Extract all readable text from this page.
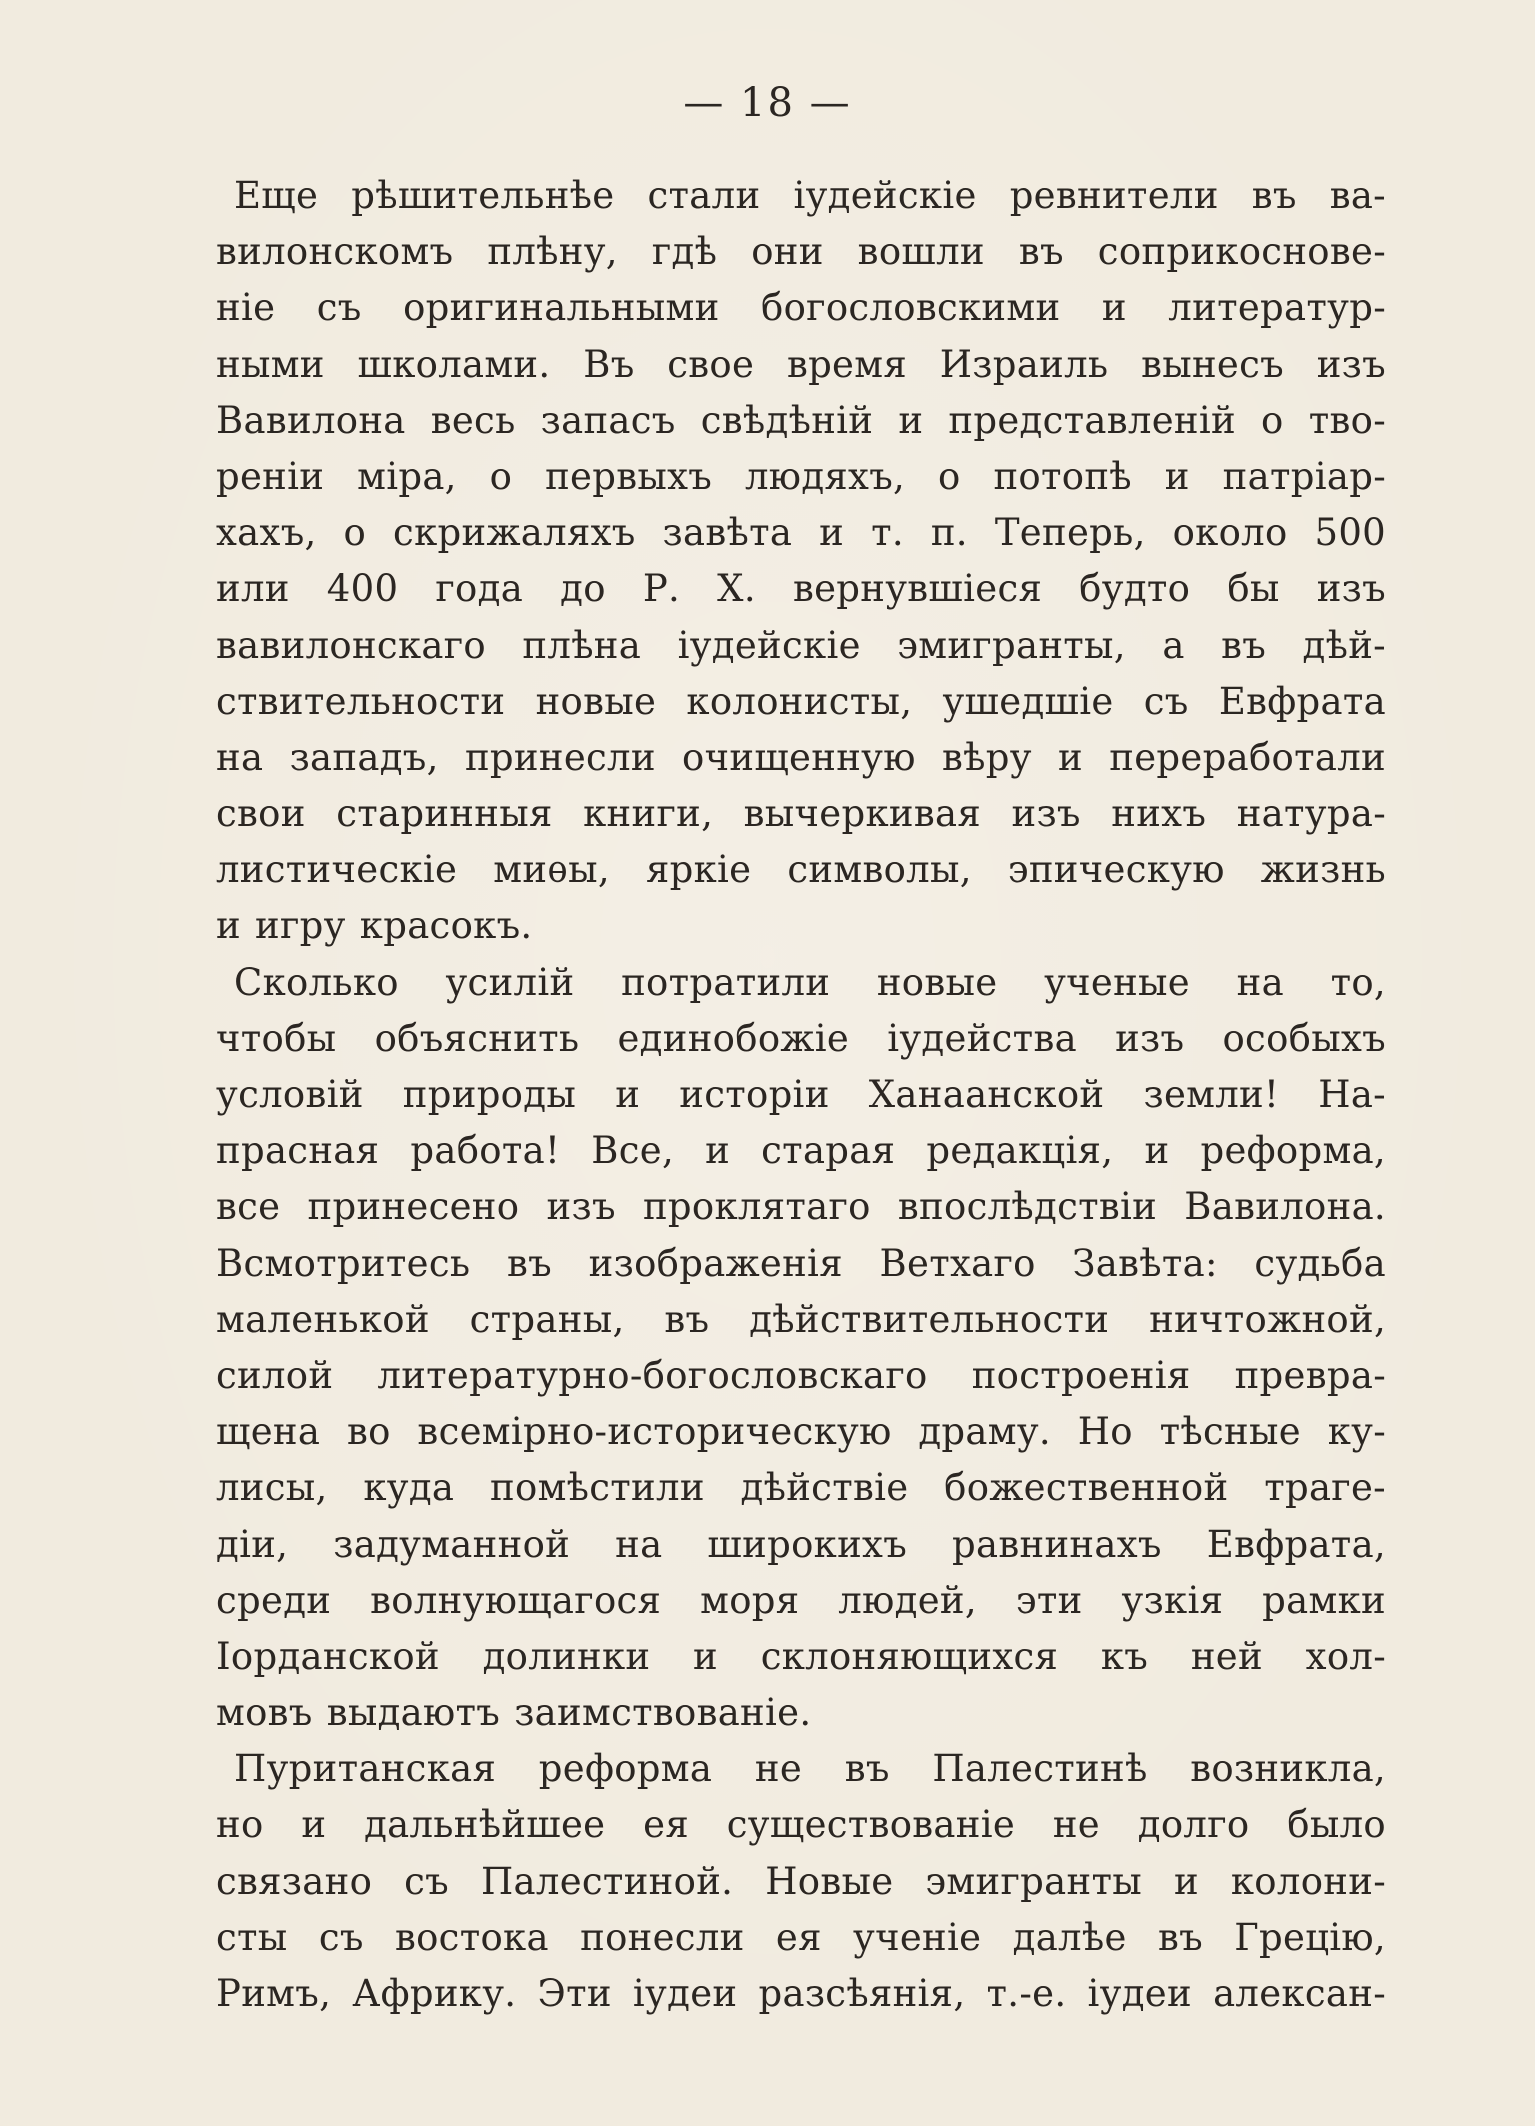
— 18 —
Еще рѣшительнѣе стали іудейскіе ревнители въ ва-
вилонскомъ плѣну, гдѣ они вошли въ соприкоснове-
ніе съ оригинальными богословскими и литератур-
ными школами. Въ свое время Израиль вынесъ изъ
Вавилона весь запасъ свѣдѣній и представленій о тво-
реніи міра, о первыхъ людяхъ, о потопѣ и патріар-
хахъ, о скрижаляхъ завѣта и т. п. Теперь, около 500
или 400 года до Р. Х. вернувшіеся будто бы изъ
вавилонскаго плѣна іудейскіе эмигранты, а въ дѣй-
ствительности новые колонисты, ушедшіе съ Евфрата
на западъ, принесли очищенную вѣру и переработали
свои старинныя книги, вычеркивая изъ нихъ натура-
листическіе миѳы, яркіе символы, эпическую жизнь
и игру красокъ.
Сколько усилій потратили новые ученые на то,
чтобы объяснить единобожіе іудейства изъ особыхъ
условій природы и исторіи Ханаанской земли! На-
прасная работа! Все, и старая редакція, и реформа,
все принесено изъ проклятаго впослѣдствіи Вавилона.
Всмотритесь въ изображенія Ветхаго Завѣта: судьба
маленькой страны, въ дѣйствительности ничтожной,
силой литературно-богословскаго построенія превра-
щена во всемірно-историческую драму. Но тѣсные ку-
лисы, куда помѣстили дѣйствіе божественной траге-
діи, задуманной на широкихъ равнинахъ Евфрата,
среди волнующагося моря людей, эти узкія рамки
Іорданской долинки и склоняющихся къ ней хол-
мовъ выдаютъ заимствованіе.
Пуританская реформа не въ Палестинѣ возникла,
но и дальнѣйшее ея существованіе не долго было
связано съ Палестиной. Новые эмигранты и колони-
сты съ востока понесли ея ученіе далѣе въ Грецію,
Римъ, Африку. Эти іудеи разсѣянія, т.-е. іудеи алексан-
